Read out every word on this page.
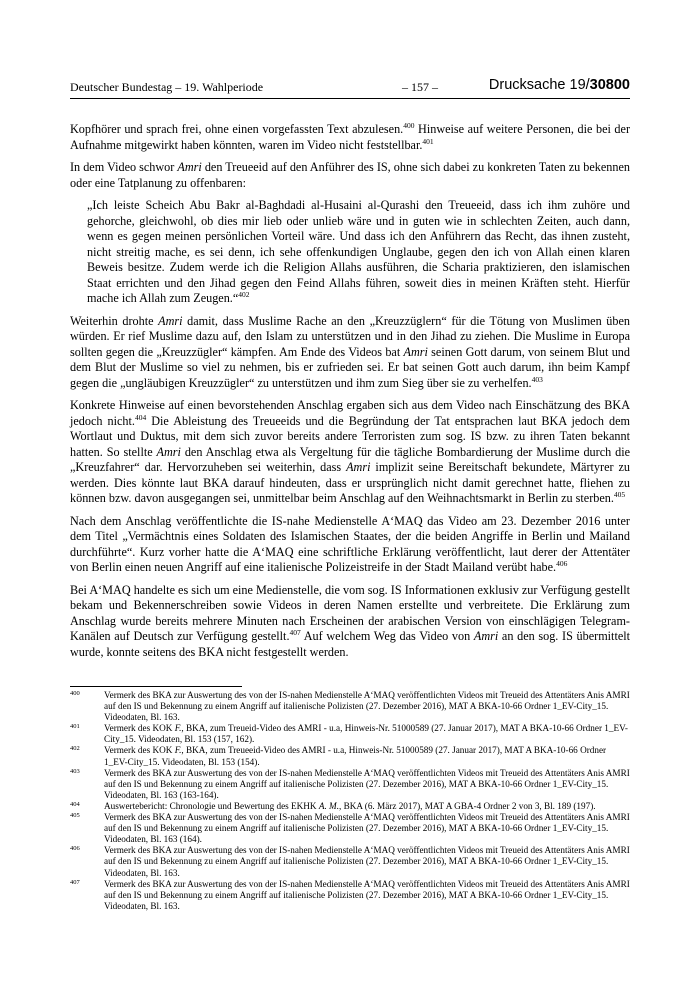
Deutscher Bundestag – 19. Wahlperiode	– 157 –	Drucksache 19/30800

Kopfhörer und sprach frei, ohne einen vorgefassten Text abzulesen.$^{400}$ Hinweise auf weitere Personen, die bei der Aufnahme mitgewirkt haben könnten, waren im Video nicht feststellbar.$^{401}$

In dem Video schwor Amri den Treueeid auf den Anführer des IS, ohne sich dabei zu konkreten Taten zu bekennen oder eine Tatplanung zu offenbaren:

„Ich leiste Scheich Abu Bakr al-Baghdadi al-Husaini al-Qurashi den Treueeid, dass ich ihm zuhöre und gehorche, gleichwohl, ob dies mir lieb oder unlieb wäre und in guten wie in schlechten Zeiten, auch dann, wenn es gegen meinen persönlichen Vorteil wäre. Und dass ich den Anführern das Recht, das ihnen zusteht, nicht streitig mache, es sei denn, ich sehe offenkundigen Unglaube, gegen den ich von Allah einen klaren Beweis besitze. Zudem werde ich die Religion Allahs ausführen, die Scharia praktizieren, den islamischen Staat errichten und den Jihad gegen den Feind Allahs führen, soweit dies in meinen Kräften steht. Hierfür mache ich Allah zum Zeugen.“$^{402}$

Weiterhin drohte Amri damit, dass Muslime Rache an den „Kreuzzüglern“ für die Tötung von Muslimen üben würden. Er rief Muslime dazu auf, den Islam zu unterstützen und in den Jihad zu ziehen. Die Muslime in Europa sollten gegen die „Kreuzzügler“ kämpfen. Am Ende des Videos bat Amri seinen Gott darum, von seinem Blut und dem Blut der Muslime so viel zu nehmen, bis er zufrieden sei. Er bat seinen Gott auch darum, ihn beim Kampf gegen die „ungläubigen Kreuzzügler“ zu unterstützen und ihm zum Sieg über sie zu verhelfen.$^{403}$

Konkrete Hinweise auf einen bevorstehenden Anschlag ergaben sich aus dem Video nach Einschätzung des BKA jedoch nicht.$^{404}$ Die Ableistung des Treueeids und die Begründung der Tat entsprachen laut BKA jedoch dem Wortlaut und Duktus, mit dem sich zuvor bereits andere Terroristen zum sog. IS bzw. zu ihren Taten bekannt hatten. So stellte Amri den Anschlag etwa als Vergeltung für die tägliche Bombardierung der Muslime durch die „Kreuzfahrer“ dar. Hervorzuheben sei weiterhin, dass Amri implizit seine Bereitschaft bekundete, Märtyrer zu werden. Dies könnte laut BKA darauf hindeuten, dass er ursprünglich nicht damit gerechnet hatte, fliehen zu können bzw. davon ausgegangen sei, unmittelbar beim Anschlag auf den Weihnachtsmarkt in Berlin zu sterben.$^{405}$

Nach dem Anschlag veröffentlichte die IS-nahe Medienstelle A‘MAQ das Video am 23. Dezember 2016 unter dem Titel „Vermächtnis eines Soldaten des Islamischen Staates, der die beiden Angriffe in Berlin und Mailand durchführte“. Kurz vorher hatte die A‘MAQ eine schriftliche Erklärung veröffentlicht, laut derer der Attentäter von Berlin einen neuen Angriff auf eine italienische Polizeistreife in der Stadt Mailand verübt habe.$^{406}$

Bei A‘MAQ handelte es sich um eine Medienstelle, die vom sog. IS Informationen exklusiv zur Verfügung gestellt bekam und Bekennerschreiben sowie Videos in deren Namen erstellte und verbreitete. Die Erklärung zum Anschlag wurde bereits mehrere Minuten nach Erscheinen der arabischen Version von einschlägigen Telegram-Kanälen auf Deutsch zur Verfügung gestellt.$^{407}$ Auf welchem Weg das Video von Amri an den sog. IS übermittelt wurde, konnte seitens des BKA nicht festgestellt werden.

400	Vermerk des BKA zur Auswertung des von der IS-nahen Medienstelle A‘MAQ veröffentlichten Videos mit Treueid des Attentäters Anis AMRI auf den IS und Bekennung zu einem Angriff auf italienische Polizisten (27. Dezember 2016), MAT A BKA-10-66 Ordner 1_EV-City_15. Videodaten, Bl. 163.
401	Vermerk des KOK F., BKA, zum Treueid-Video des AMRI - u.a, Hinweis-Nr. 51000589 (27. Januar 2017), MAT A BKA-10-66 Ordner 1_EV-City_15. Videodaten, Bl. 153 (157, 162).
402	Vermerk des KOK F., BKA, zum Treueeid-Video des AMRI - u.a, Hinweis-Nr. 51000589 (27. Januar 2017), MAT A BKA-10-66 Ordner 1_EV-City_15. Videodaten, Bl. 153 (154).
403	Vermerk des BKA zur Auswertung des von der IS-nahen Medienstelle A‘MAQ veröffentlichten Videos mit Treueid des Attentäters Anis AMRI auf den IS und Bekennung zu einem Angriff auf italienische Polizisten (27. Dezember 2016), MAT A BKA-10-66 Ordner 1_EV-City_15. Videodaten, Bl. 163 (163-164).
404	Auswertebericht: Chronologie und Bewertung des EKHK A. M., BKA (6. März 2017), MAT A GBA-4 Ordner 2 von 3, Bl. 189 (197).
405	Vermerk des BKA zur Auswertung des von der IS-nahen Medienstelle A‘MAQ veröffentlichten Videos mit Treueid des Attentäters Anis AMRI auf den IS und Bekennung zu einem Angriff auf italienische Polizisten (27. Dezember 2016), MAT A BKA-10-66 Ordner 1_EV-City_15. Videodaten, Bl. 163 (164).
406	Vermerk des BKA zur Auswertung des von der IS-nahen Medienstelle A‘MAQ veröffentlichten Videos mit Treueid des Attentäters Anis AMRI auf den IS und Bekennung zu einem Angriff auf italienische Polizisten (27. Dezember 2016), MAT A BKA-10-66 Ordner 1_EV-City_15. Videodaten, Bl. 163.
407	Vermerk des BKA zur Auswertung des von der IS-nahen Medienstelle A‘MAQ veröffentlichten Videos mit Treueid des Attentäters Anis AMRI auf den IS und Bekennung zu einem Angriff auf italienische Polizisten (27. Dezember 2016), MAT A BKA-10-66 Ordner 1_EV-City_15. Videodaten, Bl. 163.
